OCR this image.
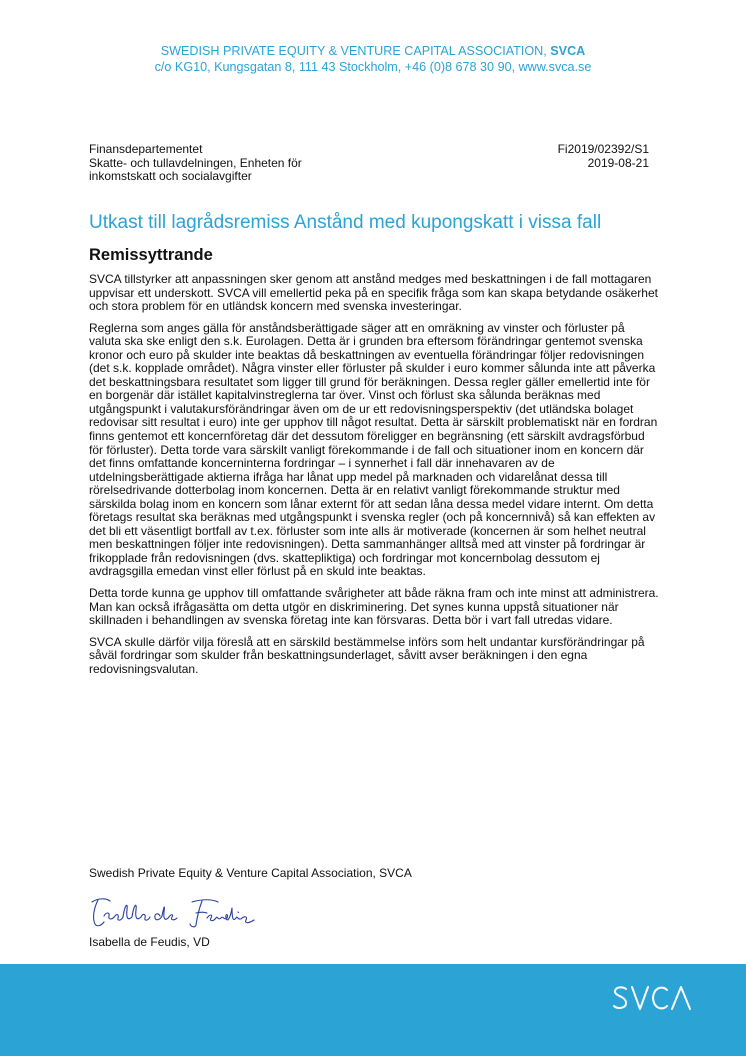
SWEDISH PRIVATE EQUITY & VENTURE CAPITAL ASSOCIATION, SVCA
c/o KG10, Kungsgatan 8, 111 43 Stockholm, +46 (0)8 678 30 90, www.svca.se
Finansdepartementet
Skatte- och tullavdelningen, Enheten för inkomstskatt och socialavgifter
Fi2019/02392/S1
2019-08-21
Utkast till lagrådsremiss Anstånd med kupongskatt i vissa fall
Remissyttrande

SVCA tillstyrker att anpassningen sker genom att anstånd medges med beskattningen i de fall mottagaren uppvisar ett underskott. SVCA vill emellertid peka på en specifik fråga som kan skapa betydande osäkerhet och stora problem för en utländsk koncern med svenska investeringar.

Reglerna som anges gälla för anståndsberättigade säger att en omräkning av vinster och förluster på valuta ska ske enligt den s.k. Eurolagen. Detta är i grunden bra eftersom förändringar gentemot svenska kronor och euro på skulder inte beaktas då beskattningen av eventuella förändringar följer redovisningen (det s.k. kopplade området). Några vinster eller förluster på skulder i euro kommer sålunda inte att påverka det beskattningsbara resultatet som ligger till grund för beräkningen. Dessa regler gäller emellertid inte för en borgenär där istället kapitalvinstreglerna tar över. Vinst och förlust ska sålunda beräknas med utgångspunkt i valutakursförändringar även om de ur ett redovisningsperspektiv (det utländska bolaget redovisar sitt resultat i euro) inte ger upphov till något resultat. Detta är särskilt problematiskt när en fordran finns gentemot ett koncernföretag där det dessutom föreligger en begränsning (ett särskilt avdragsförbud för förluster). Detta torde vara särskilt vanligt förekommande i de fall och situationer inom en koncern där det finns omfattande koncerninterna fordringar – i synnerhet i fall där innehavaren av de utdelningsberättigade aktierna ifråga har lånat upp medel på marknaden och vidarelånat dessa till rörelsedrivande dotterbolag inom koncernen. Detta är en relativt vanligt förekommande struktur med särskilda bolag inom en koncern som lånar externt för att sedan låna dessa medel vidare internt. Om detta företags resultat ska beräknas med utgångspunkt i svenska regler (och på koncernnivå) så kan effekten av det bli ett väsentligt bortfall av t.ex. förluster som inte alls är motiverade (koncernen är som helhet neutral men beskattningen följer inte redovisningen). Detta sammanhänger alltså med att vinster på fordringar är frikopplade från redovisningen (dvs. skattepliktiga) och fordringar mot koncernbolag dessutom ej avdragsgilla emedan vinst eller förlust på en skuld inte beaktas.

Detta torde kunna ge upphov till omfattande svårigheter att både räkna fram och inte minst att administrera. Man kan också ifrågasätta om detta utgör en diskriminering. Det synes kunna uppstå situationer när skillnaden i behandlingen av svenska företag inte kan försvaras. Detta bör i vart fall utredas vidare.

SVCA skulle därför vilja föreslå att en särskild bestämmelse införs som helt undantar kursförändringar på såväl fordringar som skulder från beskattningsunderlaget, såvitt avser beräkningen i den egna redovisningsvalutan.

Swedish Private Equity & Venture Capital Association, SVCA
Isabella de Feudis, VD
